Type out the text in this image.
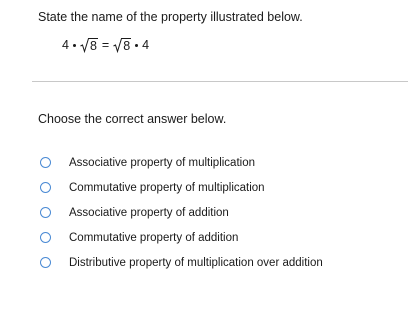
State the name of the property illustrated below.
4 8 = 8 4
Choose the correct answer below.
Associative property of multiplication
Commutative property of multiplication
Associative property of addition
Commutative property of addition
Distributive property of multiplication over addition
